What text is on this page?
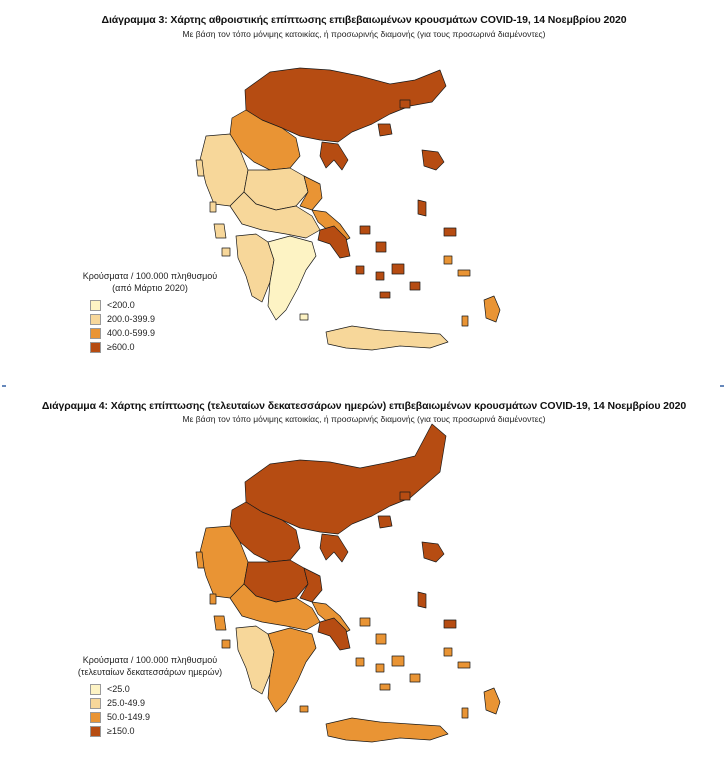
Διάγραμμα 3: Χάρτης αθροιστικής επίπτωσης επιβεβαιωμένων κρουσμάτων COVID-19, 14 Νοεμβρίου 2020
Με βάση τον τόπο μόνιμης κατοικίας, ή προσωρινής διαμονής (για τους προσωρινά διαμένοντες)
Κρούσματα / 100.000 πληθυσμού
(από Μάρτιο 2020)
<200.0
200.0-399.9
400.0-599.9
≥600.0
Διάγραμμα 4: Χάρτης επίπτωσης (τελευταίων δεκατεσσάρων ημερών) επιβεβαιωμένων κρουσμάτων COVID-19, 14 Νοεμβρίου 2020
Με βάση τον τόπο μόνιμης κατοικίας, ή προσωρινής διαμονής (για τους προσωρινά διαμένοντες)
Κρούσματα / 100.000 πληθυσμού
(τελευταίων δεκατεσσάρων ημερών)
<25.0
25.0-49.9
50.0-149.9
≥150.0
